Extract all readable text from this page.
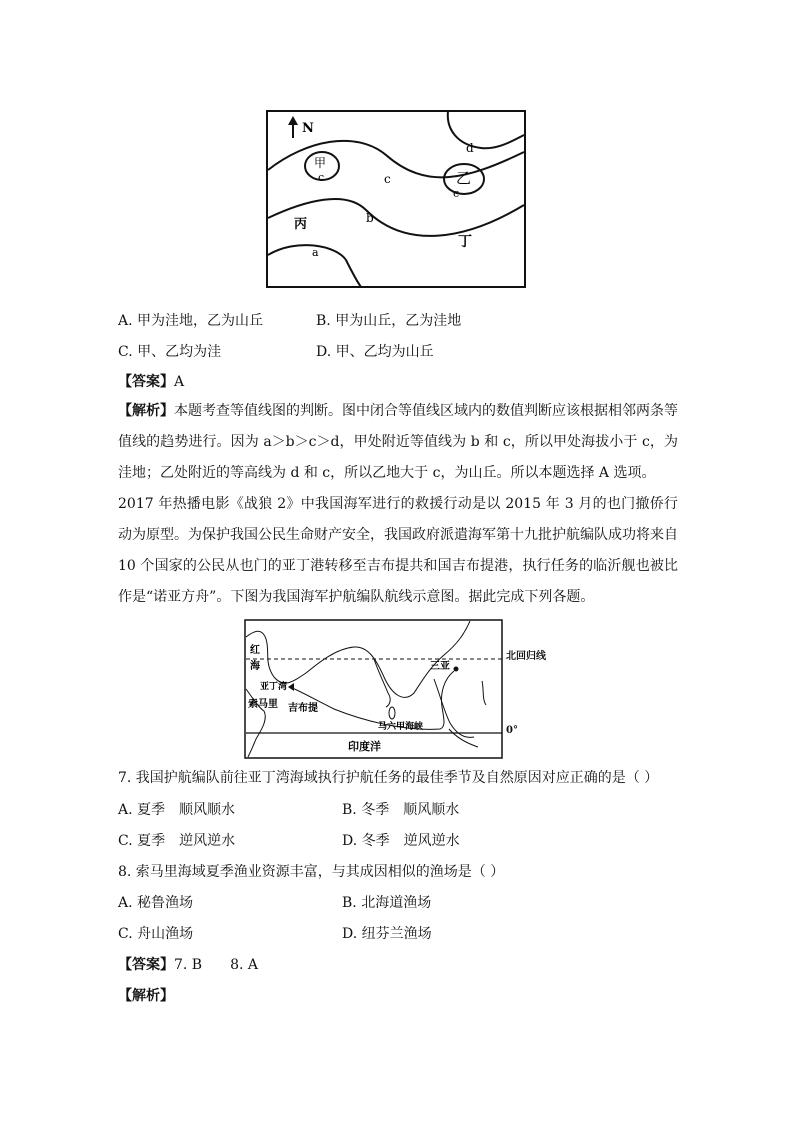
N
甲
c	乙
c
c
d
b
a
丙
丁
A. 甲为洼地，乙为山丘	B. 甲为山丘，乙为洼地
C. 甲、乙均为洼	D. 甲、乙均为山丘
【答案】A
【解析】本题考查等值线图的判断。图中闭合等值线区域内的数值判断应该根据相邻两条等值线的趋势进行。因为 a＞b＞c＞d，甲处附近等值线为 b 和 c，所以甲处海拔小于 c，为洼地；乙处附近的等高线为 d 和 c，所以乙地大于 c，为山丘。所以本题选择 A 选项。
2017 年热播电影《战狼 2》中我国海军进行的救援行动是以 2015 年 3 月的也门撤侨行动为原型。为保护我国公民生命财产安全，我国政府派遣海军第十九批护航编队成功将来自 10 个国家的公民从也门的亚丁港转移至吉布提共和国吉布提港，执行任务的临沂舰也被比作是“诺亚方舟”。下图为我国海军护航编队航线示意图。据此完成下列各题。
红
海
亚丁湾
索马里 吉布提
三亚
马六甲海峡
印度洋
北回归线
0°
7. 我国护航编队前往亚丁湾海域执行护航任务的最佳季节及自然原因对应正确的是（ ）
A. 夏季　顺风顺水	B. 冬季　顺风顺水
C. 夏季　逆风逆水	D. 冬季　逆风逆水
8. 索马里海域夏季渔业资源丰富，与其成因相似的渔场是（ ）
A. 秘鲁渔场	B. 北海道渔场
C. 舟山渔场	D. 纽芬兰渔场
【答案】7. B　　8. A
【解析】
